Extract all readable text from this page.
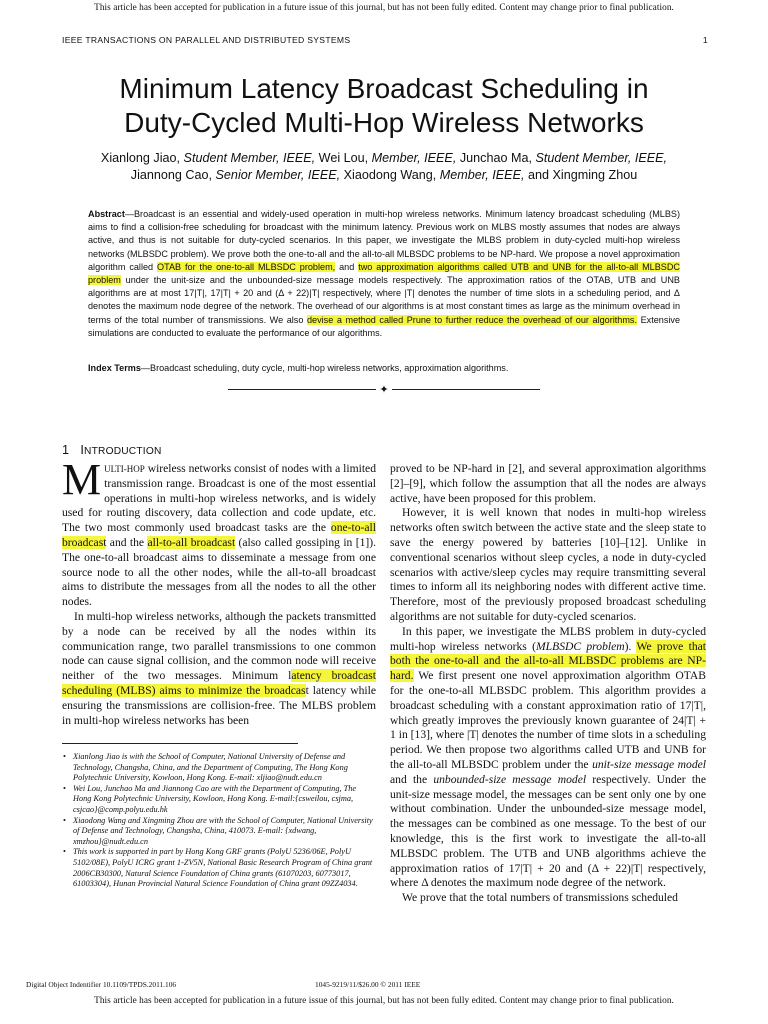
This article has been accepted for publication in a future issue of this journal, but has not been fully edited. Content may change prior to final publication.
IEEE TRANSACTIONS ON PARALLEL AND DISTRIBUTED SYSTEMS	1
Minimum Latency Broadcast Scheduling in
Duty-Cycled Multi-Hop Wireless Networks
Xianlong Jiao, Student Member, IEEE, Wei Lou, Member, IEEE, Junchao Ma, Student Member, IEEE,
Jiannong Cao, Senior Member, IEEE, Xiaodong Wang, Member, IEEE, and Xingming Zhou
Abstract—Broadcast is an essential and widely-used operation in multi-hop wireless networks. Minimum latency broadcast scheduling (MLBS) aims to find a collision-free scheduling for broadcast with the minimum latency. Previous work on MLBS mostly assumes that nodes are always active, and thus is not suitable for duty-cycled scenarios. In this paper, we investigate the MLBS problem in duty-cycled multi-hop wireless networks (MLBSDC problem). We prove both the one-to-all and the all-to-all MLBSDC problems to be NP-hard. We propose a novel approximation algorithm called OTAB for the one-to-all MLBSDC problem, and two approximation algorithms called UTB and UNB for the all-to-all MLBSDC problem under the unit-size and the unbounded-size message models respectively. The approximation ratios of the OTAB, UTB and UNB algorithms are at most 17|T|, 17|T| + 20 and (Δ + 22)|T| respectively, where |T| denotes the number of time slots in a scheduling period, and Δ denotes the maximum node degree of the network. The overhead of our algorithms is at most constant times as large as the minimum overhead in terms of the total number of transmissions. We also devise a method called Prune to further reduce the overhead of our algorithms. Extensive simulations are conducted to evaluate the performance of our algorithms.
Index Terms—Broadcast scheduling, duty cycle, multi-hop wireless networks, approximation algorithms.
✦
1 INTRODUCTION

MULTI-HOP wireless networks consist of nodes with a limited transmission range. Broadcast is one of the most essential operations in multi-hop wireless networks, and is widely used for routing discovery, data collection and code update, etc. The two most commonly used broadcast tasks are the one-to-all broadcast and the all-to-all broadcast (also called gossiping in [1]). The one-to-all broadcast aims to disseminate a message from one source node to all the other nodes, while the all-to-all broadcast aims to distribute the messages from all the nodes to all the other nodes.

In multi-hop wireless networks, although the packets transmitted by a node can be received by all the nodes within its communication range, two parallel transmissions to one common node can cause signal collision, and the common node will receive neither of the two messages. Minimum latency broadcast scheduling (MLBS) aims to minimize the broadcast latency while ensuring the transmissions are collision-free. The MLBS problem in multi-hop wireless networks has been

• Xianlong Jiao is with the School of Computer, National University of Defense and Technology, Changsha, China, and the Department of Computing, The Hong Kong Polytechnic University, Kowloon, Hong Kong. E-mail: xljiao@nudt.edu.cn
• Wei Lou, Junchao Ma and Jiannong Cao are with the Department of Computing, The Hong Kong Polytechnic University, Kowloon, Hong Kong. E-mail:{csweilou, csjma, csjcao}@comp.polyu.edu.hk
• Xiaodong Wang and Xingming Zhou are with the School of Computer, National University of Defense and Technology, Changsha, China, 410073. E-mail: {xdwang, xmzhou}@nudt.edu.cn
• This work is supported in part by Hong Kong GRF grants (PolyU 5236/06E, PolyU 5102/08E), PolyU ICRG grant 1-ZV5N, National Basic Research Program of China grant 2006CB30300, Natural Science Foundation of China grants (61070203, 60773017, 61003304), Hunan Provincial Natural Science Foundation of China grant 09ZZ4034.

proved to be NP-hard in [2], and several approximation algorithms [2]–[9], which follow the assumption that all the nodes are always active, have been proposed for this problem.

However, it is well known that nodes in multi-hop wireless networks often switch between the active state and the sleep state to save the energy powered by batteries [10]–[12]. Unlike in conventional scenarios without sleep cycles, a node in duty-cycled scenarios with active/sleep cycles may require transmitting several times to inform all its neighboring nodes with different active time. Therefore, most of the previously proposed broadcast scheduling algorithms are not suitable for duty-cycled scenarios.

In this paper, we investigate the MLBS problem in duty-cycled multi-hop wireless networks (MLBSDC problem). We prove that both the one-to-all and the all-to-all MLBSDC problems are NP-hard. We first present one novel approximation algorithm OTAB for the one-to-all MLBSDC problem. This algorithm provides a broadcast scheduling with a constant approximation ratio of 17|T|, which greatly improves the previously known guarantee of 24|T| + 1 in [13], where |T| denotes the number of time slots in a scheduling period. We then propose two algorithms called UTB and UNB for the all-to-all MLBSDC problem under the unit-size message model and the unbounded-size message model respectively. Under the unit-size message model, the messages can be sent only one by one without combination. Under the unbounded-size message model, the messages can be combined as one message. To the best of our knowledge, this is the first work to investigate the all-to-all MLBSDC problem. The UTB and UNB algorithms achieve the approximation ratios of 17|T| + 20 and (Δ + 22)|T| respectively, where Δ denotes the maximum node degree of the network.

We prove that the total numbers of transmissions scheduled

Digital Object Indentifier 10.1109/TPDS.2011.106	1045-9219/11/$26.00 © 2011 IEEE
This article has been accepted for publication in a future issue of this journal, but has not been fully edited. Content may change prior to final publication.
